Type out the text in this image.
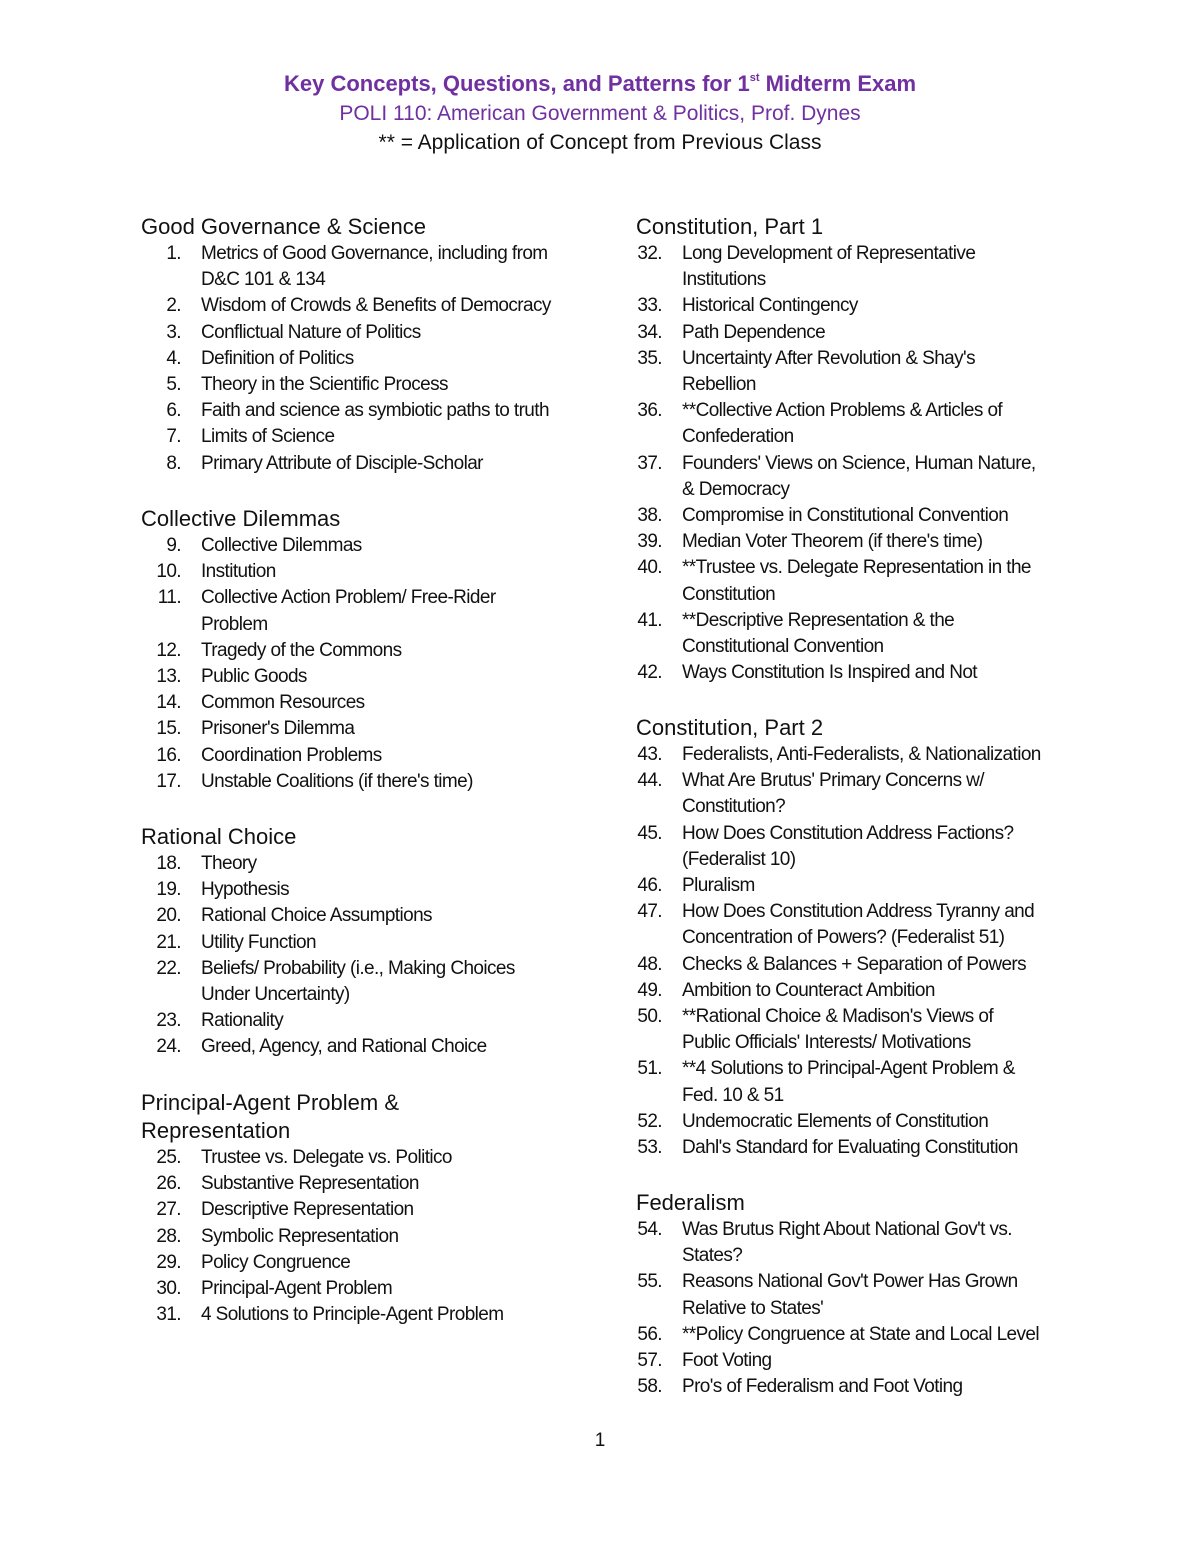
Key Concepts, Questions, and Patterns for 1st Midterm Exam
POLI 110: American Government & Politics, Prof. Dynes
** = Application of Concept from Previous Class
Good Governance & Science
1. Metrics of Good Governance, including from
D&C 101 & 134
2. Wisdom of Crowds & Benefits of Democracy
3. Conflictual Nature of Politics
4. Definition of Politics
5. Theory in the Scientific Process
6. Faith and science as symbiotic paths to truth
7. Limits of Science
8. Primary Attribute of Disciple-Scholar
Collective Dilemmas
9. Collective Dilemmas
10. Institution
11. Collective Action Problem/ Free-Rider
Problem
12. Tragedy of the Commons
13. Public Goods
14. Common Resources
15. Prisoner's Dilemma
16. Coordination Problems
17. Unstable Coalitions (if there's time)
Rational Choice
18. Theory
19. Hypothesis
20. Rational Choice Assumptions
21. Utility Function
22. Beliefs/ Probability (i.e., Making Choices
Under Uncertainty)
23. Rationality
24. Greed, Agency, and Rational Choice
Principal-Agent Problem &
Representation
25. Trustee vs. Delegate vs. Politico
26. Substantive Representation
27. Descriptive Representation
28. Symbolic Representation
29. Policy Congruence
30. Principal-Agent Problem
31. 4 Solutions to Principle-Agent Problem
Constitution, Part 1
32. Long Development of Representative
Institutions
33. Historical Contingency
34. Path Dependence
35. Uncertainty After Revolution & Shay's
Rebellion
36. **Collective Action Problems & Articles of
Confederation
37. Founders' Views on Science, Human Nature,
& Democracy
38. Compromise in Constitutional Convention
39. Median Voter Theorem (if there's time)
40. **Trustee vs. Delegate Representation in the
Constitution
41. **Descriptive Representation & the
Constitutional Convention
42. Ways Constitution Is Inspired and Not
Constitution, Part 2
43. Federalists, Anti-Federalists, & Nationalization
44. What Are Brutus' Primary Concerns w/
Constitution?
45. How Does Constitution Address Factions?
(Federalist 10)
46. Pluralism
47. How Does Constitution Address Tyranny and
Concentration of Powers? (Federalist 51)
48. Checks & Balances + Separation of Powers
49. Ambition to Counteract Ambition
50. **Rational Choice & Madison's Views of
Public Officials' Interests/ Motivations
51. **4 Solutions to Principal-Agent Problem &
Fed. 10 & 51
52. Undemocratic Elements of Constitution
53. Dahl's Standard for Evaluating Constitution
Federalism
54. Was Brutus Right About National Gov't vs.
States?
55. Reasons National Gov't Power Has Grown
Relative to States'
56. **Policy Congruence at State and Local Level
57. Foot Voting
58. Pro's of Federalism and Foot Voting
1
